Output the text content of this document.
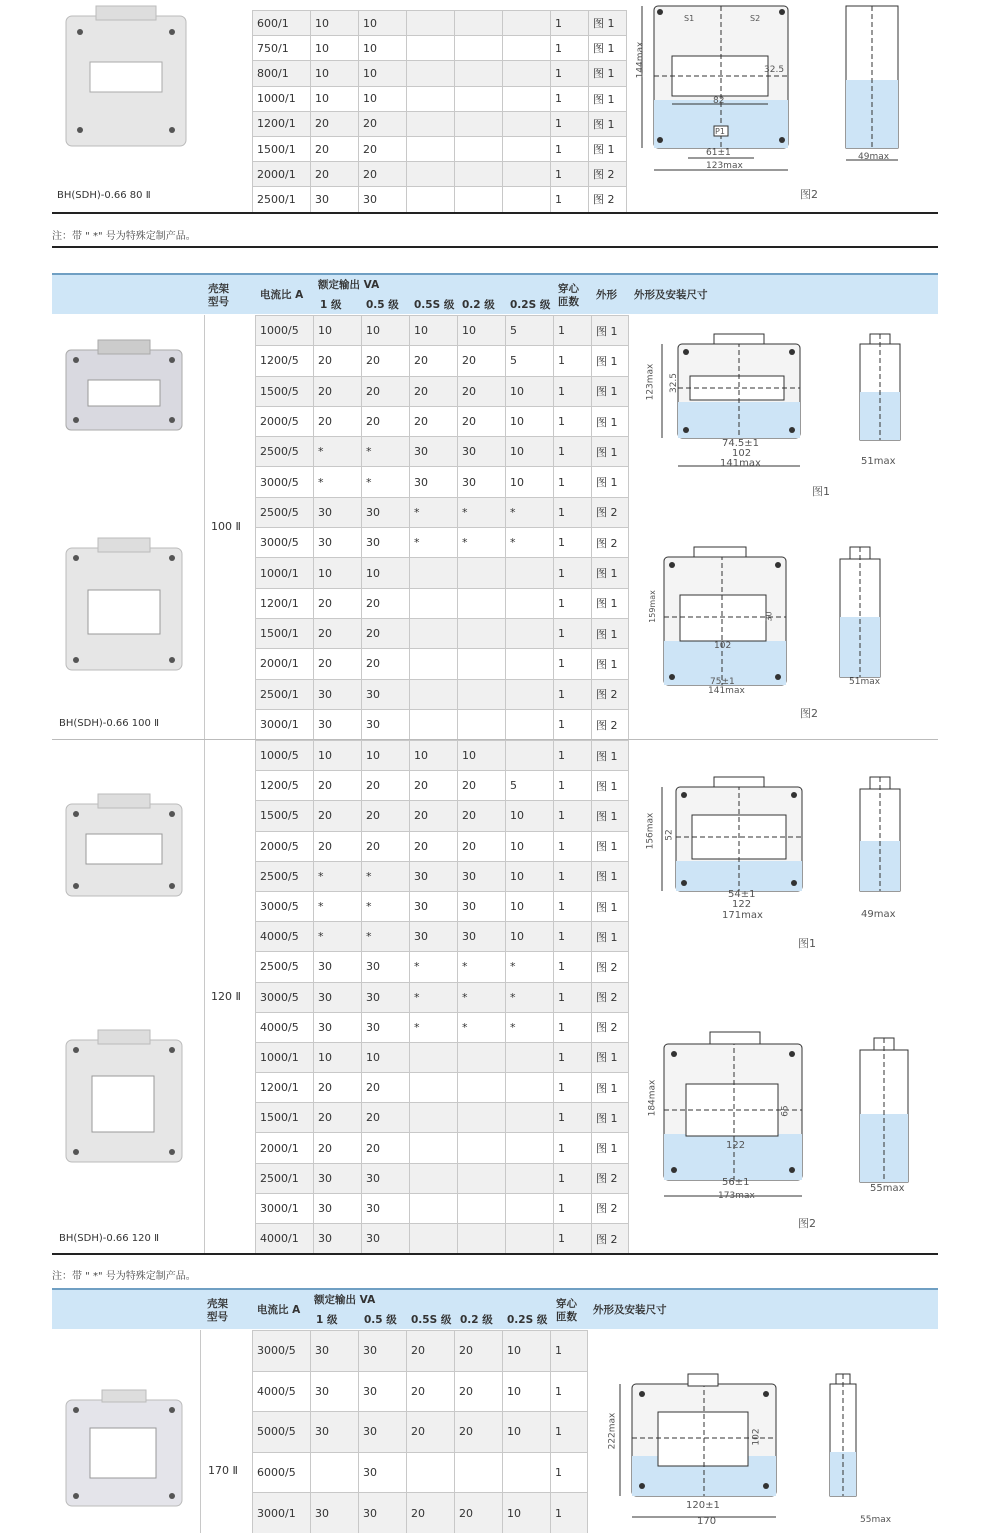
BH(SDH)-0.66 80 Ⅱ
600/1	10	10				1	图 1
750/1	10	10				1	图 1
800/1	10	10				1	图 1
1000/1	10	10				1	图 1
1200/1	20	20				1	图 1
1500/1	20	20				1	图 1
2000/1	20	20				1	图 2
2500/1	30	30				1	图 2
144max	32.5
82
P1
61±1
123max
S1	S2
49max
图2
注：带 " *" 号为特殊定制产品。
壳架
型号
电流比 A
额定输出 VA
1 级 0.5 级 0.5S 级 0.2 级 0.2S 级
穿心
匝数
外形 外形及安装尺寸
100 Ⅱ
BH(SDH)-0.66 100 Ⅱ
1000/5	10	10	10	10	5	1	图 1
1200/5	20	20	20	20	5	1	图 1
1500/5	20	20	20	20	10	1	图 1
2000/5	20	20	20	20	10	1	图 1
2500/5	*	*	30	30	10	1	图 1
3000/5	*	*	30	30	10	1	图 1
2500/5	30	30	*	*	*	1	图 2
3000/5	30	30	*	*	*	1	图 2
1000/1	10	10				1	图 1
1200/1	20	20				1	图 1
1500/1	20	20				1	图 1
2000/1	20	20				1	图 1
2500/1	30	30				1	图 2
3000/1	30	30				1	图 2
123max 32.5
74.5±1
102
141max	51max
图1
159max	30
102
75±1
141max
51max
图2
120 Ⅱ
BH(SDH)-0.66 120 Ⅱ
1000/5	10	10	10	10		1	图 1
1200/5	20	20	20	20	5	1	图 1
1500/5	20	20	20	20	10	1	图 1
2000/5	20	20	20	20	10	1	图 1
2500/5	*	*	30	30	10	1	图 1
3000/5	*	*	30	30	10	1	图 1
4000/5	*	*	30	30	10	1	图 1
2500/5	30	30	*	*	*	1	图 2
3000/5	30	30	*	*	*	1	图 2
4000/5	30	30	*	*	*	1	图 2
1000/1	10	10				1	图 1
1200/1	20	20				1	图 1
1500/1	20	20				1	图 1
2000/1	20	20				1	图 1
2500/1	30	30				1	图 2
3000/1	30	30				1	图 2
4000/1	30	30				1	图 2
156max 52
54±1
122
171max	49max
图1
184max	65
122
56±1
173max
55max
图2
注：带 " *" 号为特殊定制产品。
壳架
型号
电流比 A
额定输出 VA
1 级	0.5 级 0.5S 级 0.2 级 0.2S 级
穿心
匝数
外形及安装尺寸
170 Ⅱ
3000/5	30	30	20	20	10	1
4000/5	30	30	20	20	10	1
5000/5	30	30	20	20	10	1
6000/5		30				1
3000/1	30	30	20	20	10	1
222max	102
120±1
170	55max
